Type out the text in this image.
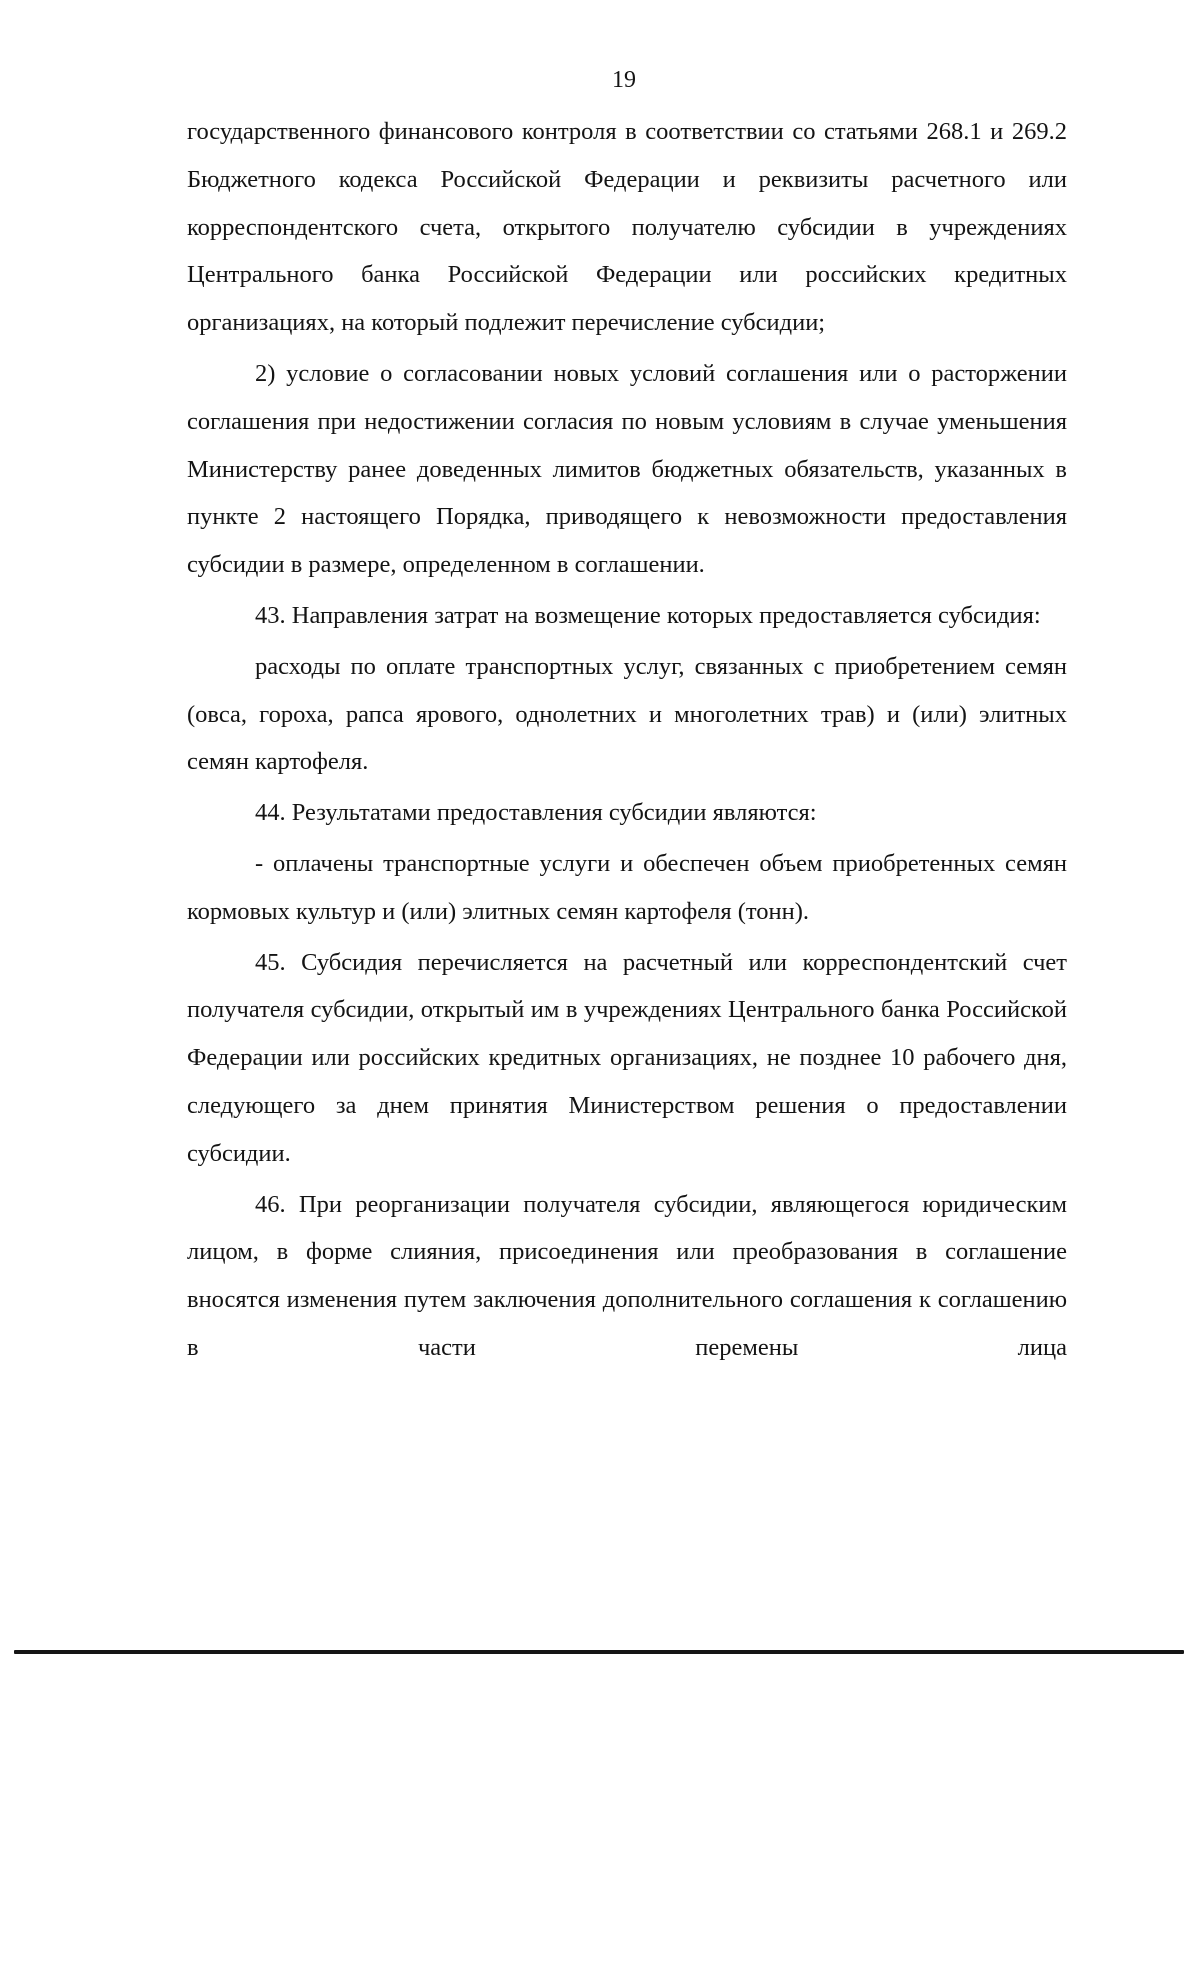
19

государственного финансового контроля в соответствии со статьями 268.1 и 269.2 Бюджетного кодекса Российской Федерации и реквизиты расчетного или корреспондентского счета, открытого получателю субсидии в учреждениях Центрального банка Российской Федерации или российских кредитных организациях, на который подлежит перечисление субсидии;

2) условие о согласовании новых условий соглашения или о расторжении соглашения при недостижении согласия по новым условиям в случае уменьшения Министерству ранее доведенных лимитов бюджетных обязательств, указанных в пункте 2 настоящего Порядка, приводящего к невозможности предоставления субсидии в размере, определенном в соглашении.

43. Направления затрат на возмещение которых предоставляется субсидия:

расходы по оплате транспортных услуг, связанных с приобретением семян (овса, гороха, рапса ярового, однолетних и многолетних трав) и (или) элитных семян картофеля.

44. Результатами предоставления субсидии являются:

- оплачены транспортные услуги и обеспечен объем приобретенных семян кормовых культур и (или) элитных семян картофеля (тонн).

45. Субсидия перечисляется на расчетный или корреспондентский счет получателя субсидии, открытый им в учреждениях Центрального банка Российской Федерации или российских кредитных организациях, не позднее 10 рабочего дня, следующего за днем принятия Министерством решения о предоставлении субсидии.

46. При реорганизации получателя субсидии, являющегося юридическим лицом, в форме слияния, присоединения или преобразования в соглашение вносятся изменения путем заключения дополнительного соглашения к соглашению в части перемены лица
